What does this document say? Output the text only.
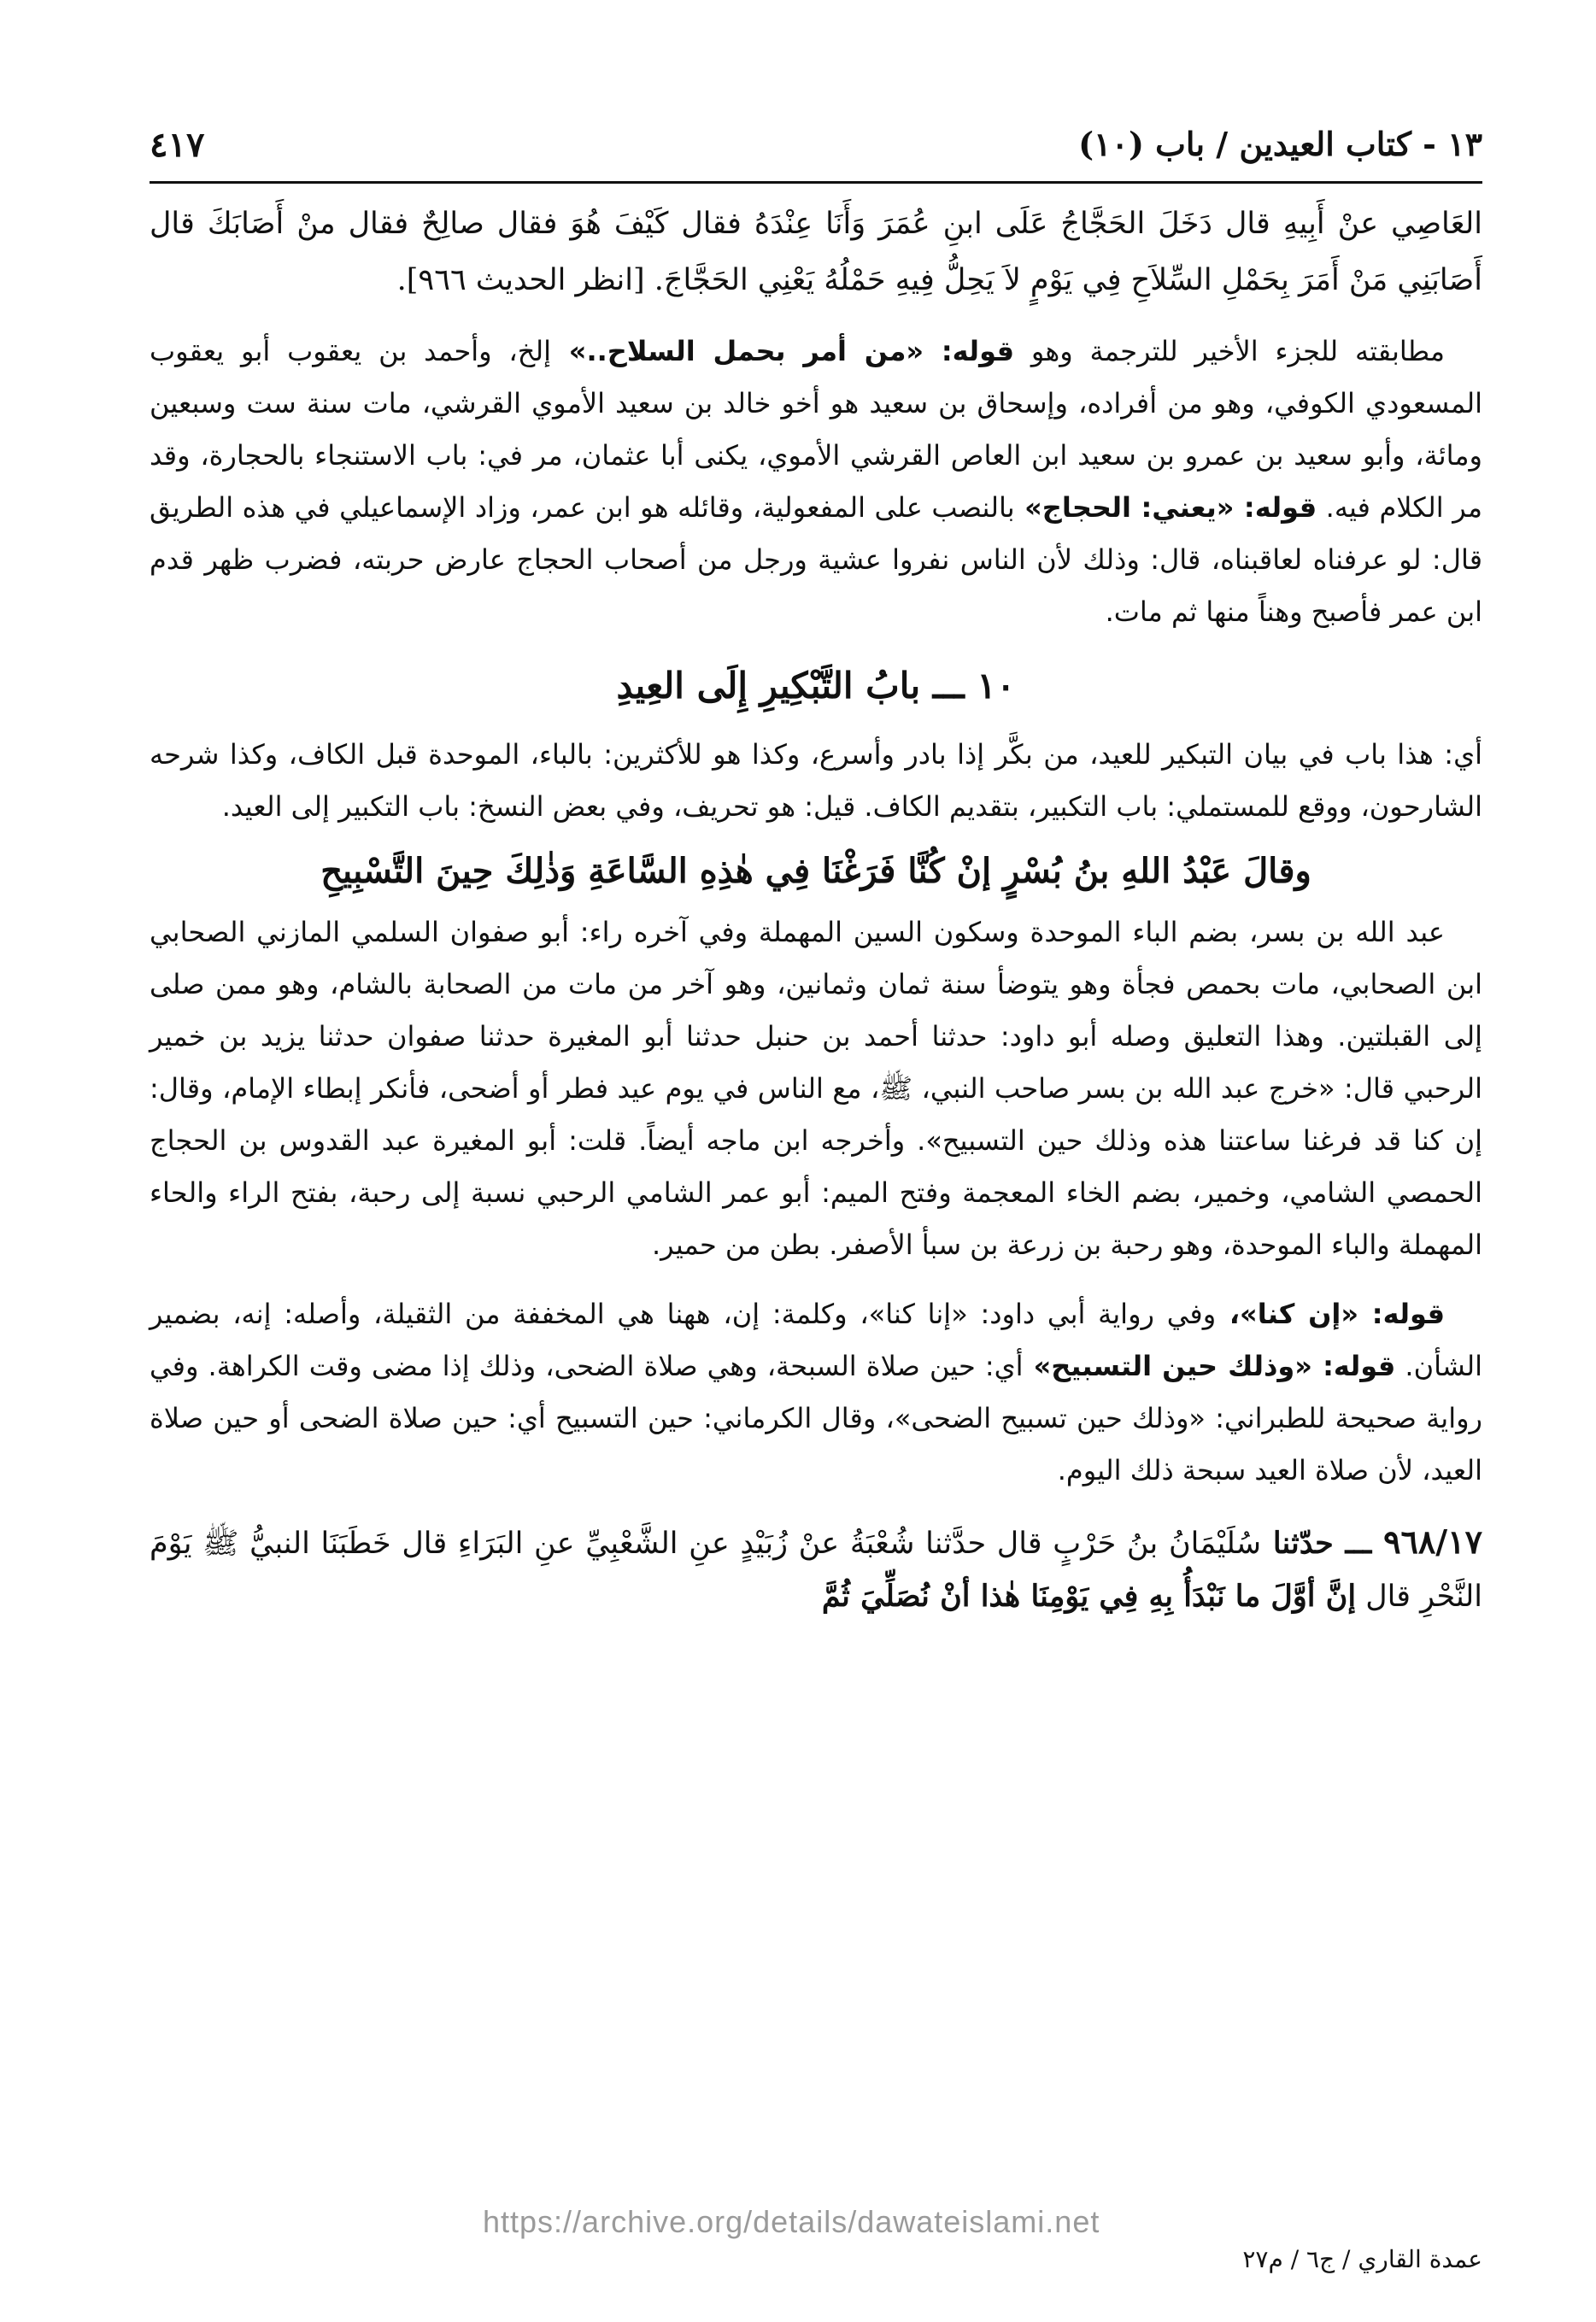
١٣ - كتاب العيدين / باب (١٠)
٤١٧
العَاصِي عنْ أَبِيهِ قال دَخَلَ الحَجَّاجُ عَلَى ابنِ عُمَرَ وَأَنَا عِنْدَهُ فقال كَيْفَ هُوَ فقال صالِحٌ فقال منْ أَصَابَكَ قال أَصَابَنِي مَنْ أَمَرَ بِحَمْلِ السِّلاَحِ فِي يَوْمٍ لاَ يَحِلُّ فِيهِ حَمْلُهُ يَعْنِي الحَجَّاجَ. [انظر الحديث ٩٦٦].

مطابقته للجزء الأخير للترجمة وهو قوله: «من أمر بحمل السلاح..» إلخ، وأحمد بن يعقوب أبو يعقوب المسعودي الكوفي، وهو من أفراده، وإسحاق بن سعيد هو أخو خالد بن سعيد الأموي القرشي، مات سنة ست وسبعين ومائة، وأبو سعيد بن عمرو بن سعيد ابن العاص القرشي الأموي، يكنى أبا عثمان، مر في: باب الاستنجاء بالحجارة، وقد مر الكلام فيه. قوله: «يعني: الحجاج» بالنصب على المفعولية، وقائله هو ابن عمر، وزاد الإسماعيلي في هذه الطريق قال: لو عرفناه لعاقبناه، قال: وذلك لأن الناس نفروا عشية ورجل من أصحاب الحجاج عارض حربته، فضرب ظهر قدم ابن عمر فأصبح وهناً منها ثم مات.

١٠ ـــ بابُ التَّبْكِيرِ إِلَى العِيدِ

أي: هذا باب في بيان التبكير للعيد، من بكَّر إذا بادر وأسرع، وكذا هو للأكثرين: بالباء، الموحدة قبل الكاف، وكذا شرحه الشارحون، ووقع للمستملي: باب التكبير، بتقديم الكاف. قيل: هو تحريف، وفي بعض النسخ: باب التكبير إلى العيد.

وقالَ عَبْدُ اللهِ بنُ بُسْرٍ إنْ كُنَّا فَرَغْنَا فِي هٰذِهِ السَّاعَةِ وَذٰلِكَ حِينَ التَّسْبِيحِ

عبد الله بن بسر، بضم الباء الموحدة وسكون السين المهملة وفي آخره راء: أبو صفوان السلمي المازني الصحابي ابن الصحابي، مات بحمص فجأة وهو يتوضأ سنة ثمان وثمانين، وهو آخر من مات من الصحابة بالشام، وهو ممن صلى إلى القبلتين. وهذا التعليق وصله أبو داود: حدثنا أحمد بن حنبل حدثنا أبو المغيرة حدثنا صفوان حدثنا يزيد بن خمير الرحبي قال: «خرج عبد الله بن بسر صاحب النبي، ﷺ، مع الناس في يوم عيد فطر أو أضحى، فأنكر إبطاء الإمام، وقال: إن كنا قد فرغنا ساعتنا هذه وذلك حين التسبيح». وأخرجه ابن ماجه أيضاً. قلت: أبو المغيرة عبد القدوس بن الحجاج الحمصي الشامي، وخمير، بضم الخاء المعجمة وفتح الميم: أبو عمر الشامي الرحبي نسبة إلى رحبة، بفتح الراء والحاء المهملة والباء الموحدة، وهو رحبة بن زرعة بن سبأ الأصفر. بطن من حمير.

قوله: «إن كنا»، وفي رواية أبي داود: «إنا كنا»، وكلمة: إن، ههنا هي المخففة من الثقيلة، وأصله: إنه، بضمير الشأن. قوله: «وذلك حين التسبيح» أي: حين صلاة السبحة، وهي صلاة الضحى، وذلك إذا مضى وقت الكراهة. وفي رواية صحيحة للطبراني: «وذلك حين تسبيح الضحى»، وقال الكرماني: حين التسبيح أي: حين صلاة الضحى أو حين صلاة العيد، لأن صلاة العيد سبحة ذلك اليوم.

٩٦٨/١٧ ـــ حدّثنا سُلَيْمَانُ بنُ حَرْبٍ قال حدَّثنا شُعْبَةُ عنْ زُبَيْدٍ عنِ الشَّعْبِيِّ عنِ البَرَاءِ قال خَطَبَنَا النبيُّ ﷺ يَوْمَ النَّحْرِ قال إنَّ أوَّلَ ما نَبْدَأُ بِهِ فِي يَوْمِنَا هٰذا أنْ نُصَلِّيَ ثُمَّ
عمدة القاري / ج٦ / م٢٧
https://archive.org/details/dawateislami.net
